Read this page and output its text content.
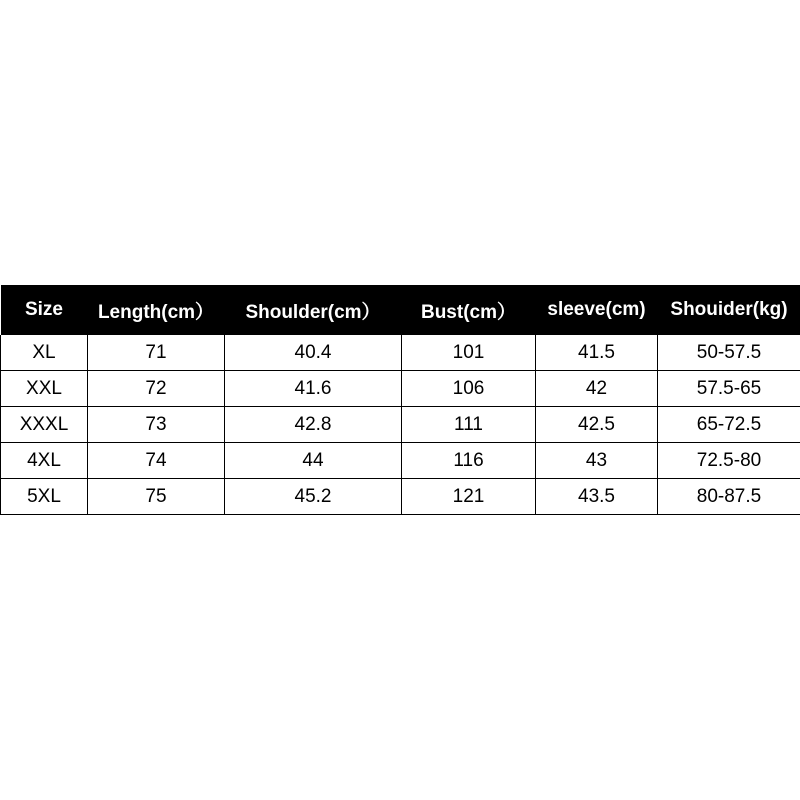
Size	Length(cm）	Shoulder(cm）	Bust(cm）	sleeve(cm)	Shouider(kg)
XL	71	40.4	101	41.5	50-57.5
XXL	72	41.6	106	42	57.5-65
XXXL	73	42.8	111	42.5	65-72.5
4XL	74	44	116	43	72.5-80
5XL	75	45.2	121	43.5	80-87.5
